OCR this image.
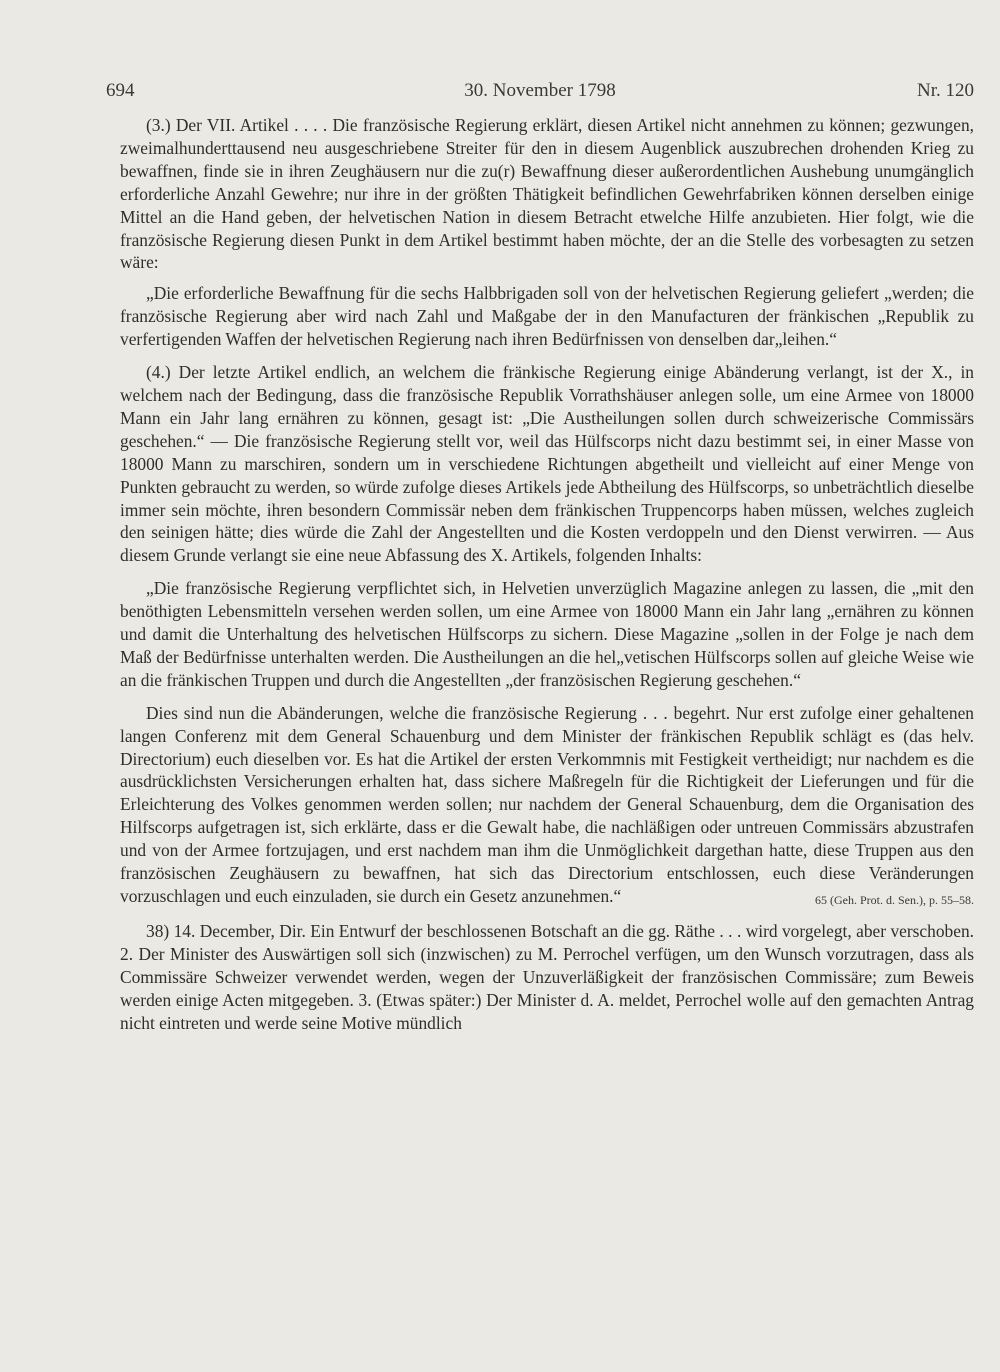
694	30. November 1798	Nr. 120

(3.) Der VII. Artikel . . . . Die französische Regierung erklärt, diesen Artikel nicht annehmen zu können; gezwungen, zweimalhunderttausend neu ausgeschriebene Streiter für den in diesem Augenblick auszubrechen drohenden Krieg zu bewaffnen, finde sie in ihren Zeughäusern nur die zu(r) Bewaffnung dieser außerordentlichen Aushebung unumgänglich erforderliche Anzahl Gewehre; nur ihre in der größten Thätigkeit befindlichen Gewehrfabriken können derselben einige Mittel an die Hand geben, der helvetischen Nation in diesem Betracht etwelche Hilfe anzubieten. Hier folgt, wie die französische Regierung diesen Punkt in dem Artikel bestimmt haben möchte, der an die Stelle des vorbesagten zu setzen wäre:

„Die erforderliche Bewaffnung für die sechs Halbbrigaden soll von der helvetischen Regierung geliefert „werden; die französische Regierung aber wird nach Zahl und Maßgabe der in den Manufacturen der fränkischen „Republik zu verfertigenden Waffen der helvetischen Regierung nach ihren Bedürfnissen von denselben dar„leihen.“

(4.) Der letzte Artikel endlich, an welchem die fränkische Regierung einige Abänderung verlangt, ist der X., in welchem nach der Bedingung, dass die französische Republik Vorrathshäuser anlegen solle, um eine Armee von 18000 Mann ein Jahr lang ernähren zu können, gesagt ist: „Die Austheilungen sollen durch schweizerische Commissärs geschehen.“ — Die französische Regierung stellt vor, weil das Hülfscorps nicht dazu bestimmt sei, in einer Masse von 18000 Mann zu marschiren, sondern um in verschiedene Richtungen abgetheilt und vielleicht auf einer Menge von Punkten gebraucht zu werden, so würde zufolge dieses Artikels jede Abtheilung des Hülfscorps, so unbeträchtlich dieselbe immer sein möchte, ihren besondern Commissär neben dem fränkischen Truppencorps haben müssen, welches zugleich den seinigen hätte; dies würde die Zahl der Angestellten und die Kosten verdoppeln und den Dienst verwirren. — Aus diesem Grunde verlangt sie eine neue Abfassung des X. Artikels, folgenden Inhalts:

„Die französische Regierung verpflichtet sich, in Helvetien unverzüglich Magazine anlegen zu lassen, die „mit den benöthigten Lebensmitteln versehen werden sollen, um eine Armee von 18000 Mann ein Jahr lang „ernähren zu können und damit die Unterhaltung des helvetischen Hülfscorps zu sichern. Diese Magazine „sollen in der Folge je nach dem Maß der Bedürfnisse unterhalten werden. Die Austheilungen an die hel„vetischen Hülfscorps sollen auf gleiche Weise wie an die fränkischen Truppen und durch die Angestellten „der französischen Regierung geschehen.“

Dies sind nun die Abänderungen, welche die französische Regierung . . . begehrt. Nur erst zufolge einer gehaltenen langen Conferenz mit dem General Schauenburg und dem Minister der fränkischen Republik schlägt es (das helv. Directorium) euch dieselben vor. Es hat die Artikel der ersten Verkommnis mit Festigkeit vertheidigt; nur nachdem es die ausdrücklichsten Versicherungen erhalten hat, dass sichere Maßregeln für die Richtigkeit der Lieferungen und für die Erleichterung des Volkes genommen werden sollen; nur nachdem der General Schauenburg, dem die Organisation des Hilfscorps aufgetragen ist, sich erklärte, dass er die Gewalt habe, die nachläßigen oder untreuen Commissärs abzustrafen und von der Armee fortzujagen, und erst nachdem man ihm die Unmöglichkeit dargethan hatte, diese Truppen aus den französischen Zeughäusern zu bewaffnen, hat sich das Directorium entschlossen, euch diese Veränderungen vorzuschlagen und euch einzuladen, sie durch ein Gesetz anzunehmen.“	65 (Geh. Prot. d. Sen.), p. 55–58.

38) 14. December, Dir. Ein Entwurf der beschlossenen Botschaft an die gg. Räthe . . . wird vorgelegt, aber verschoben. 2. Der Minister des Auswärtigen soll sich (inzwischen) zu M. Perrochel verfügen, um den Wunsch vorzutragen, dass als Commissäre Schweizer verwendet werden, wegen der Unzuverläßigkeit der französischen Commissäre; zum Beweis werden einige Acten mitgegeben. 3. (Etwas später:) Der Minister d. A. meldet, Perrochel wolle auf den gemachten Antrag nicht eintreten und werde seine Motive mündlich
